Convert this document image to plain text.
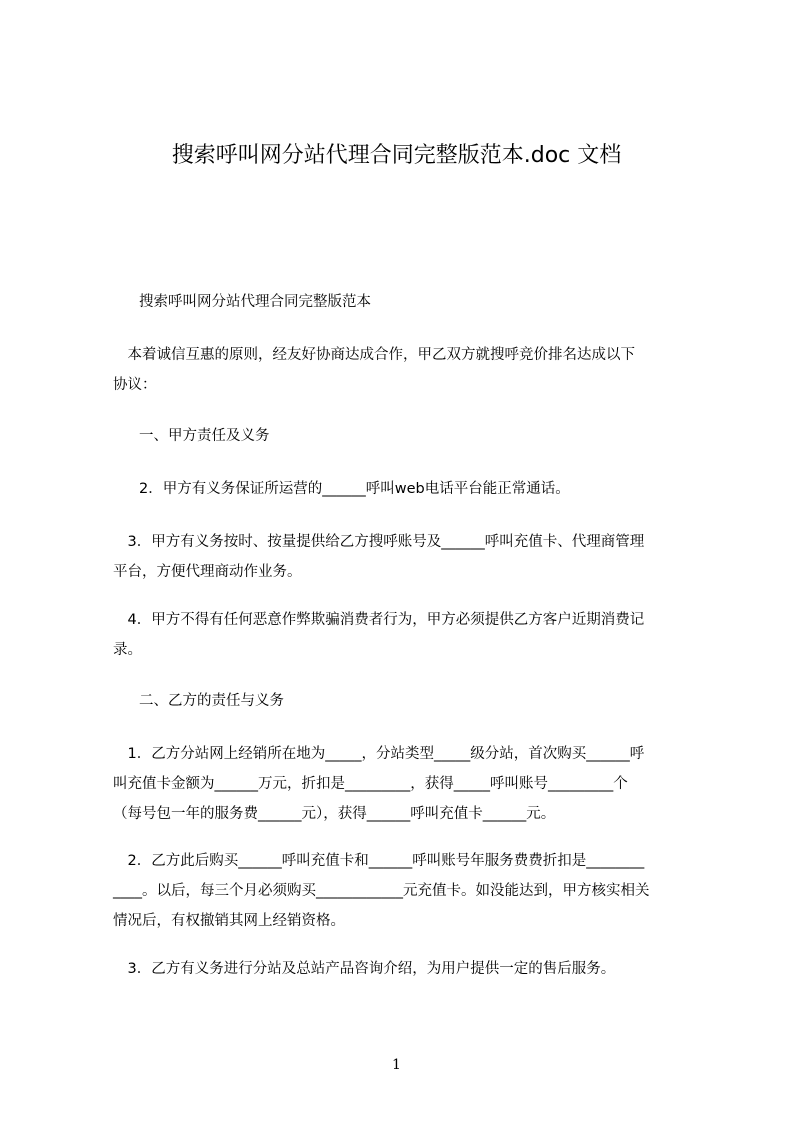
搜索呼叫网分站代理合同完整版范本.doc 文档

搜索呼叫网分站代理合同完整版范本

　本着诚信互惠的原则，经友好协商达成合作，甲乙双方就搜呼竞价排名达成以下
协议：

一、甲方责任及义务

2．甲方有义务保证所运营的______呼叫web电话平台能正常通话。

　3．甲方有义务按时、按量提供给乙方搜呼账号及______呼叫充值卡、代理商管理
平台，方便代理商动作业务。

　4．甲方不得有任何恶意作弊欺骗消费者行为，甲方必须提供乙方客户近期消费记
录。

二、乙方的责任与义务

　1．乙方分站网上经销所在地为_____，分站类型_____级分站，首次购买______呼
叫充值卡金额为______万元，折扣是_________，获得_____呼叫账号_________个
（每号包一年的服务费______元），获得______呼叫充值卡______元。

　2．乙方此后购买______呼叫充值卡和______呼叫账号年服务费费折扣是________
____。以后，每三个月必须购买____________元充值卡。如没能达到，甲方核实相关
情况后，有权撤销其网上经销资格。

　3．乙方有义务进行分站及总站产品咨询介绍，为用户提供一定的售后服务。

1
